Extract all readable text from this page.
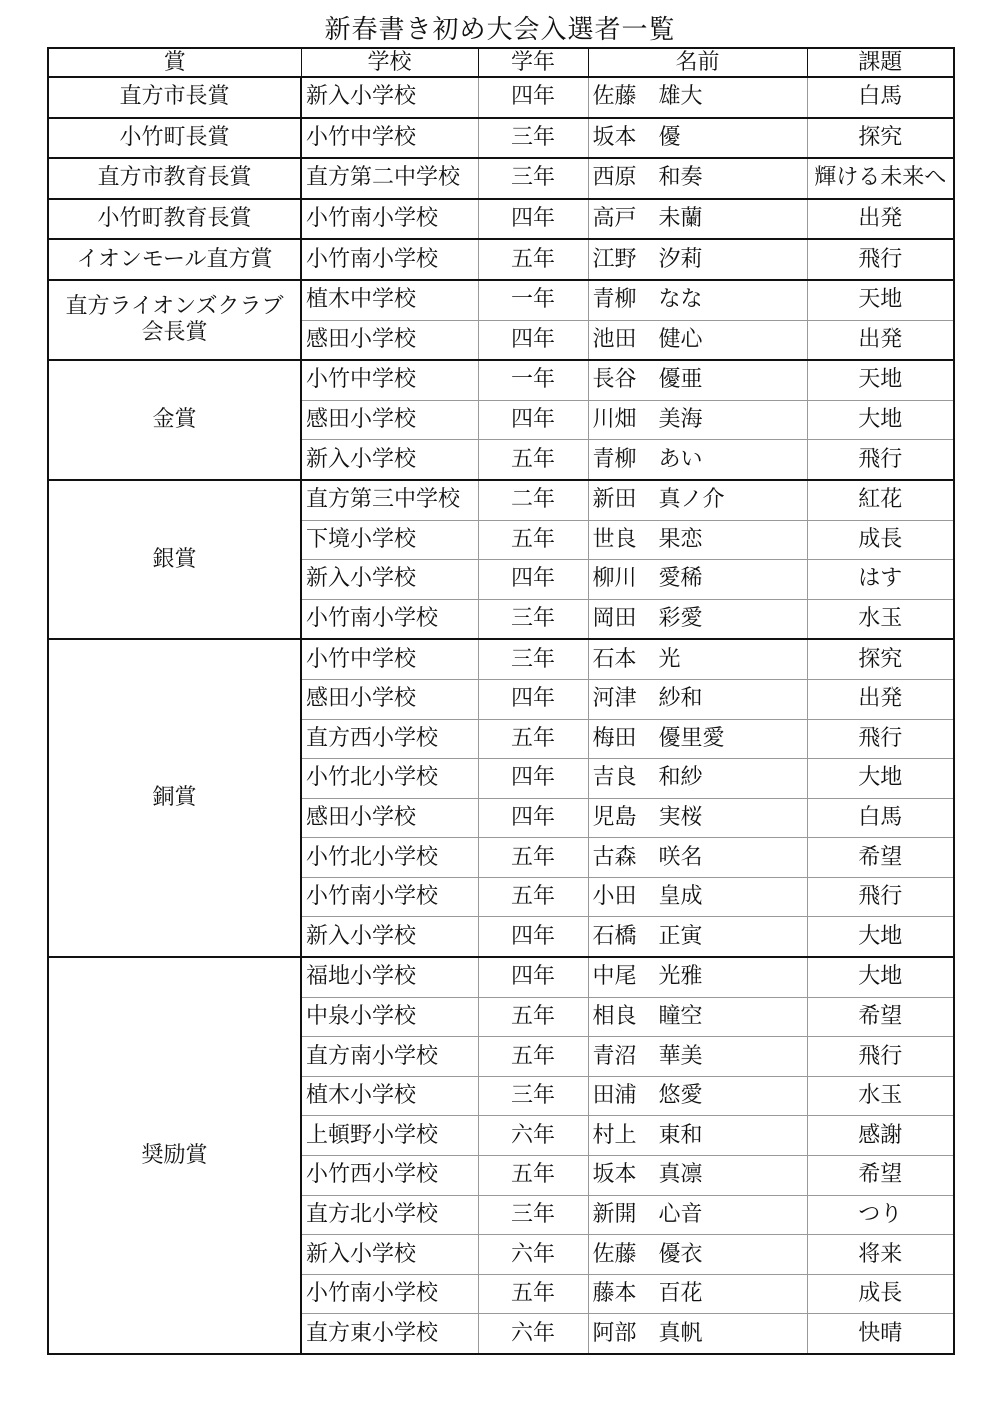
新春書き初め大会入選者一覧
賞	学校	学年	名前	課題
直方市長賞	新入小学校	四年	佐藤　雄大	白馬
小竹町長賞	小竹中学校	三年	坂本　優	探究
直方市教育長賞	直方第二中学校	三年	西原　和奏	輝ける未来へ
小竹町教育長賞	小竹南小学校	四年	高戸　未蘭	出発
イオンモール直方賞	小竹南小学校	五年	江野　汐莉	飛行
直方ライオンズクラブ
会長賞	植木中学校	一年	青柳　なな	天地
	感田小学校	四年	池田　健心	出発
金賞	小竹中学校	一年	長谷　優亜	天地
	感田小学校	四年	川畑　美海	大地
	新入小学校	五年	青柳　あい	飛行
銀賞	直方第三中学校	二年	新田　真ノ介	紅花
	下境小学校	五年	世良　果恋	成長
	新入小学校	四年	柳川　愛稀	はす
	小竹南小学校	三年	岡田　彩愛	水玉
銅賞	小竹中学校	三年	石本　光	探究
	感田小学校	四年	河津　紗和	出発
	直方西小学校	五年	梅田　優里愛	飛行
	小竹北小学校	四年	吉良　和紗	大地
	感田小学校	四年	児島　実桜	白馬
	小竹北小学校	五年	古森　咲名	希望
	小竹南小学校	五年	小田　皇成	飛行
	新入小学校	四年	石橋　正寅	大地
奨励賞	福地小学校	四年	中尾　光雅	大地
	中泉小学校	五年	相良　瞳空	希望
	直方南小学校	五年	青沼　華美	飛行
	植木小学校	三年	田浦　悠愛	水玉
	上頓野小学校	六年	村上　東和	感謝
	小竹西小学校	五年	坂本　真凛	希望
	直方北小学校	三年	新開　心音	つり
	新入小学校	六年	佐藤　優衣	将来
	小竹南小学校	五年	藤本　百花	成長
	直方東小学校	六年	阿部　真帆	快晴
